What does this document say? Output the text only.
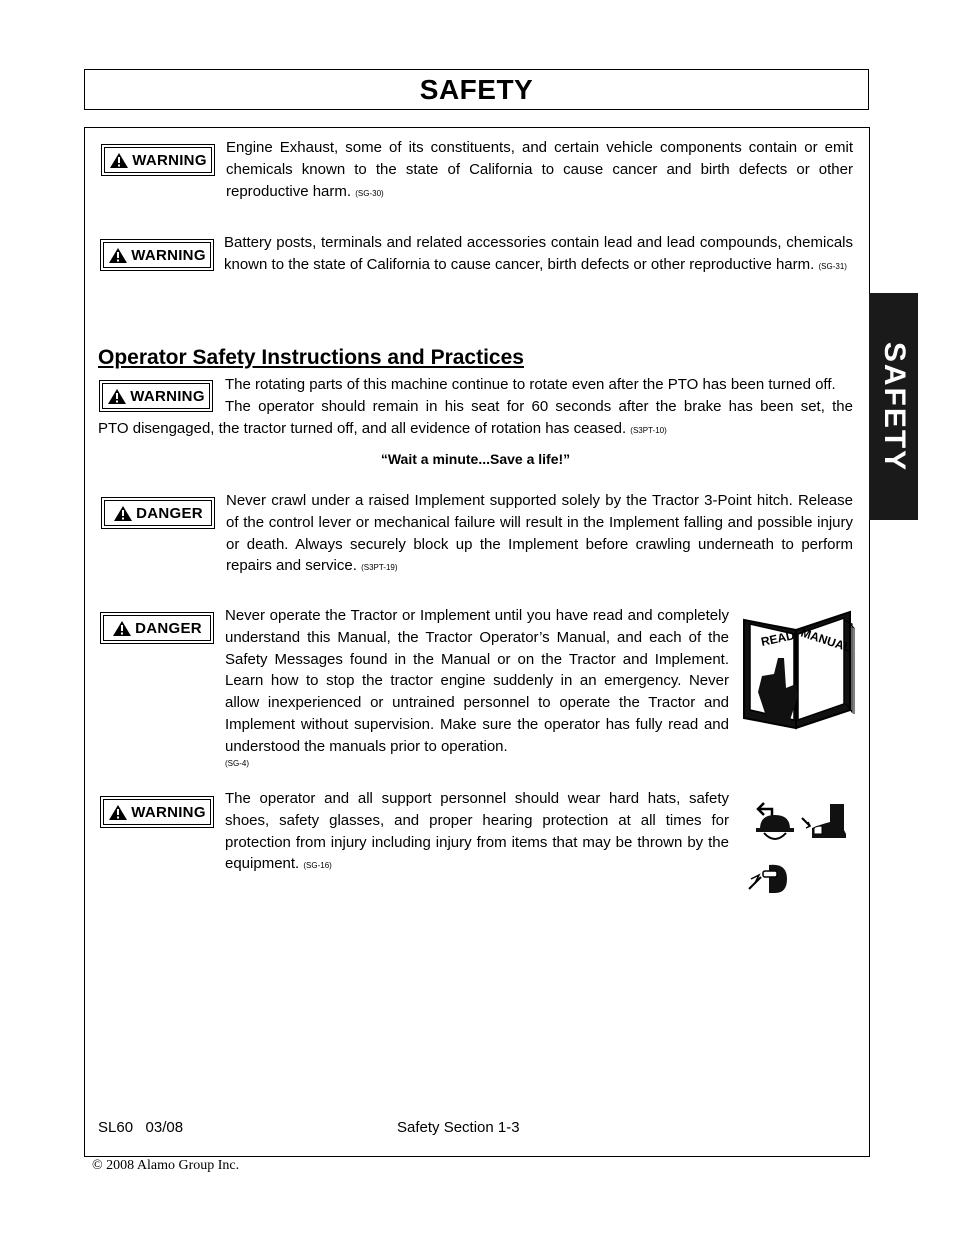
SAFETY
SAFETY
WARNING
Engine Exhaust, some of its constituents, and certain vehicle components contain or emit chemicals known to the state of California to cause cancer and birth defects or other reproductive harm. (SG-30)
WARNING
Battery posts, terminals and related accessories contain lead and lead compounds, chemicals known to the state of California to cause cancer, birth defects or other reproductive harm. (SG-31)
Operator Safety Instructions and Practices
WARNING
The rotating parts of this machine continue to rotate even after the PTO has been turned off.
The operator should remain in his seat for 60 seconds after the brake has been set, the
PTO disengaged, the tractor turned off, and all evidence of rotation has ceased. (S3PT-10)
“Wait a minute...Save a life!”
DANGER
Never crawl under a raised Implement supported solely by the Tractor 3-Point hitch. Release of the control lever or mechanical failure will result in the Implement falling and possible injury or death. Always securely block up the Implement before crawling underneath to perform repairs and service. (S3PT-19)
DANGER
Never operate the Tractor or Implement until you have read and completely understand this Manual, the Tractor Operator’s Manual, and each of the Safety Messages found in the Manual or on the Tractor and Implement. Learn how to stop the tractor engine suddenly in an emergency. Never allow inexperienced or untrained personnel to operate the Tractor and Implement without supervision. Make sure the operator has fully read and understood the manuals prior to operation.
(SG-4)
READ MANUAL
WARNING
The operator and all support personnel should wear hard hats, safety shoes, safety glasses, and proper hearing protection at all times for protection from injury including injury from items that may be thrown by the equipment. (SG-16)
SL60   03/08	Safety Section 1-3
© 2008 Alamo Group Inc.
